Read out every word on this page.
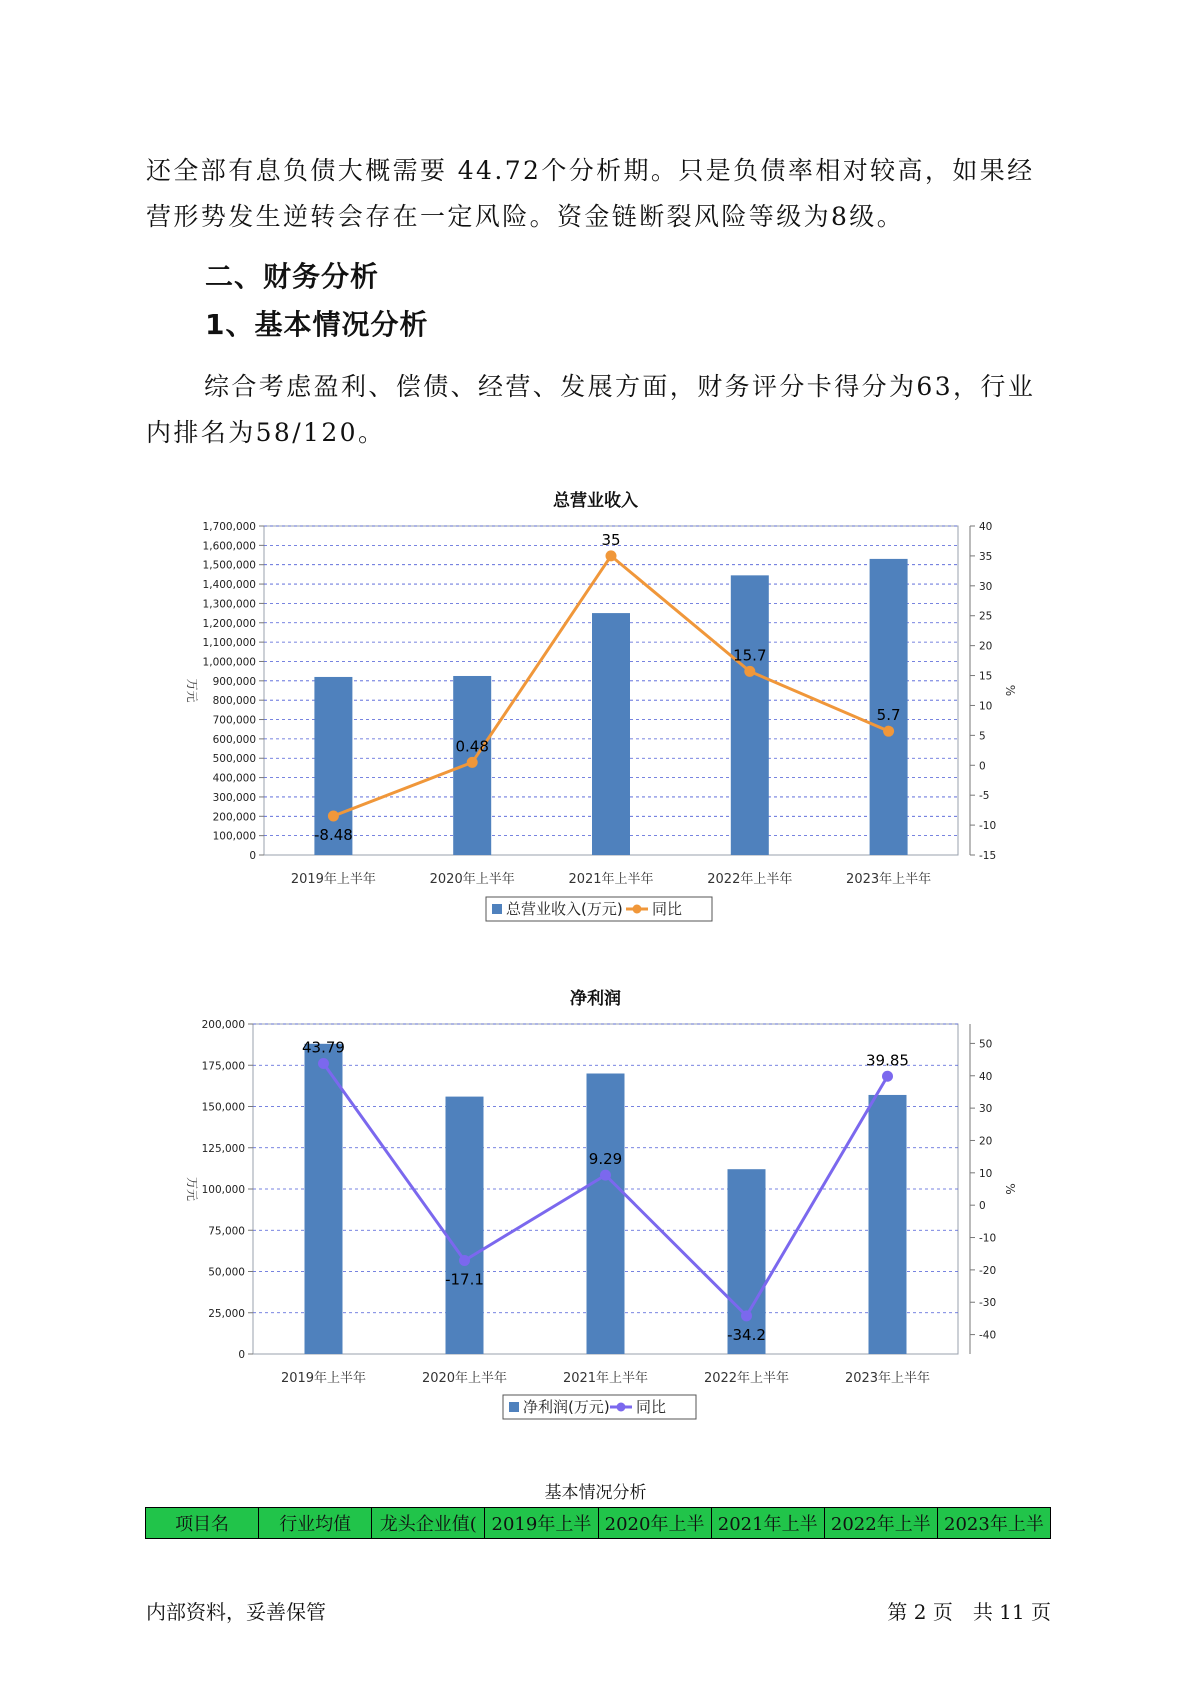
还全部有息负债大概需要 44.72个分析期。只是负债率相对较高，如果经营形势发生逆转会存在一定风险。资金链断裂风险等级为8级。

二、财务分析
1、基本情况分析

综合考虑盈利、偿债、经营、发展方面，财务评分卡得分为63，行业内排名为58/120。

总营业收入
0
100,000
200,000
300,000
400,000
500,000
600,000
700,000
800,000
900,000
1,000,000
1,100,000
1,200,000
1,300,000
1,400,000
1,500,000
1,600,000
1,700,000
-15
-10
-5
0
5
10
15
20
25
30
35
40
万元	%
2019年上半年	2020年上半年	2021年上半年	2022年上半年	2023年上半年
-8.48
0.48
35
15.7
5.7
总营业收入(万元) 同比
净利润
0
25,000
50,000
75,000
100,000
125,000
150,000
175,000
200,000
-40
-30
-20
-10
0
10
20
30
40
50
万元	%
2019年上半年	2020年上半年	2021年上半年	2022年上半年	2023年上半年
43.79
-17.1
9.29
-34.2
39.85
净利润(万元) 同比
基本情况分析
项目名	行业均值	龙头企业值(	2019年上半	2020年上半	2021年上半	2022年上半	2023年上半
内部资料，妥善保管	第 2 页　共 11 页
